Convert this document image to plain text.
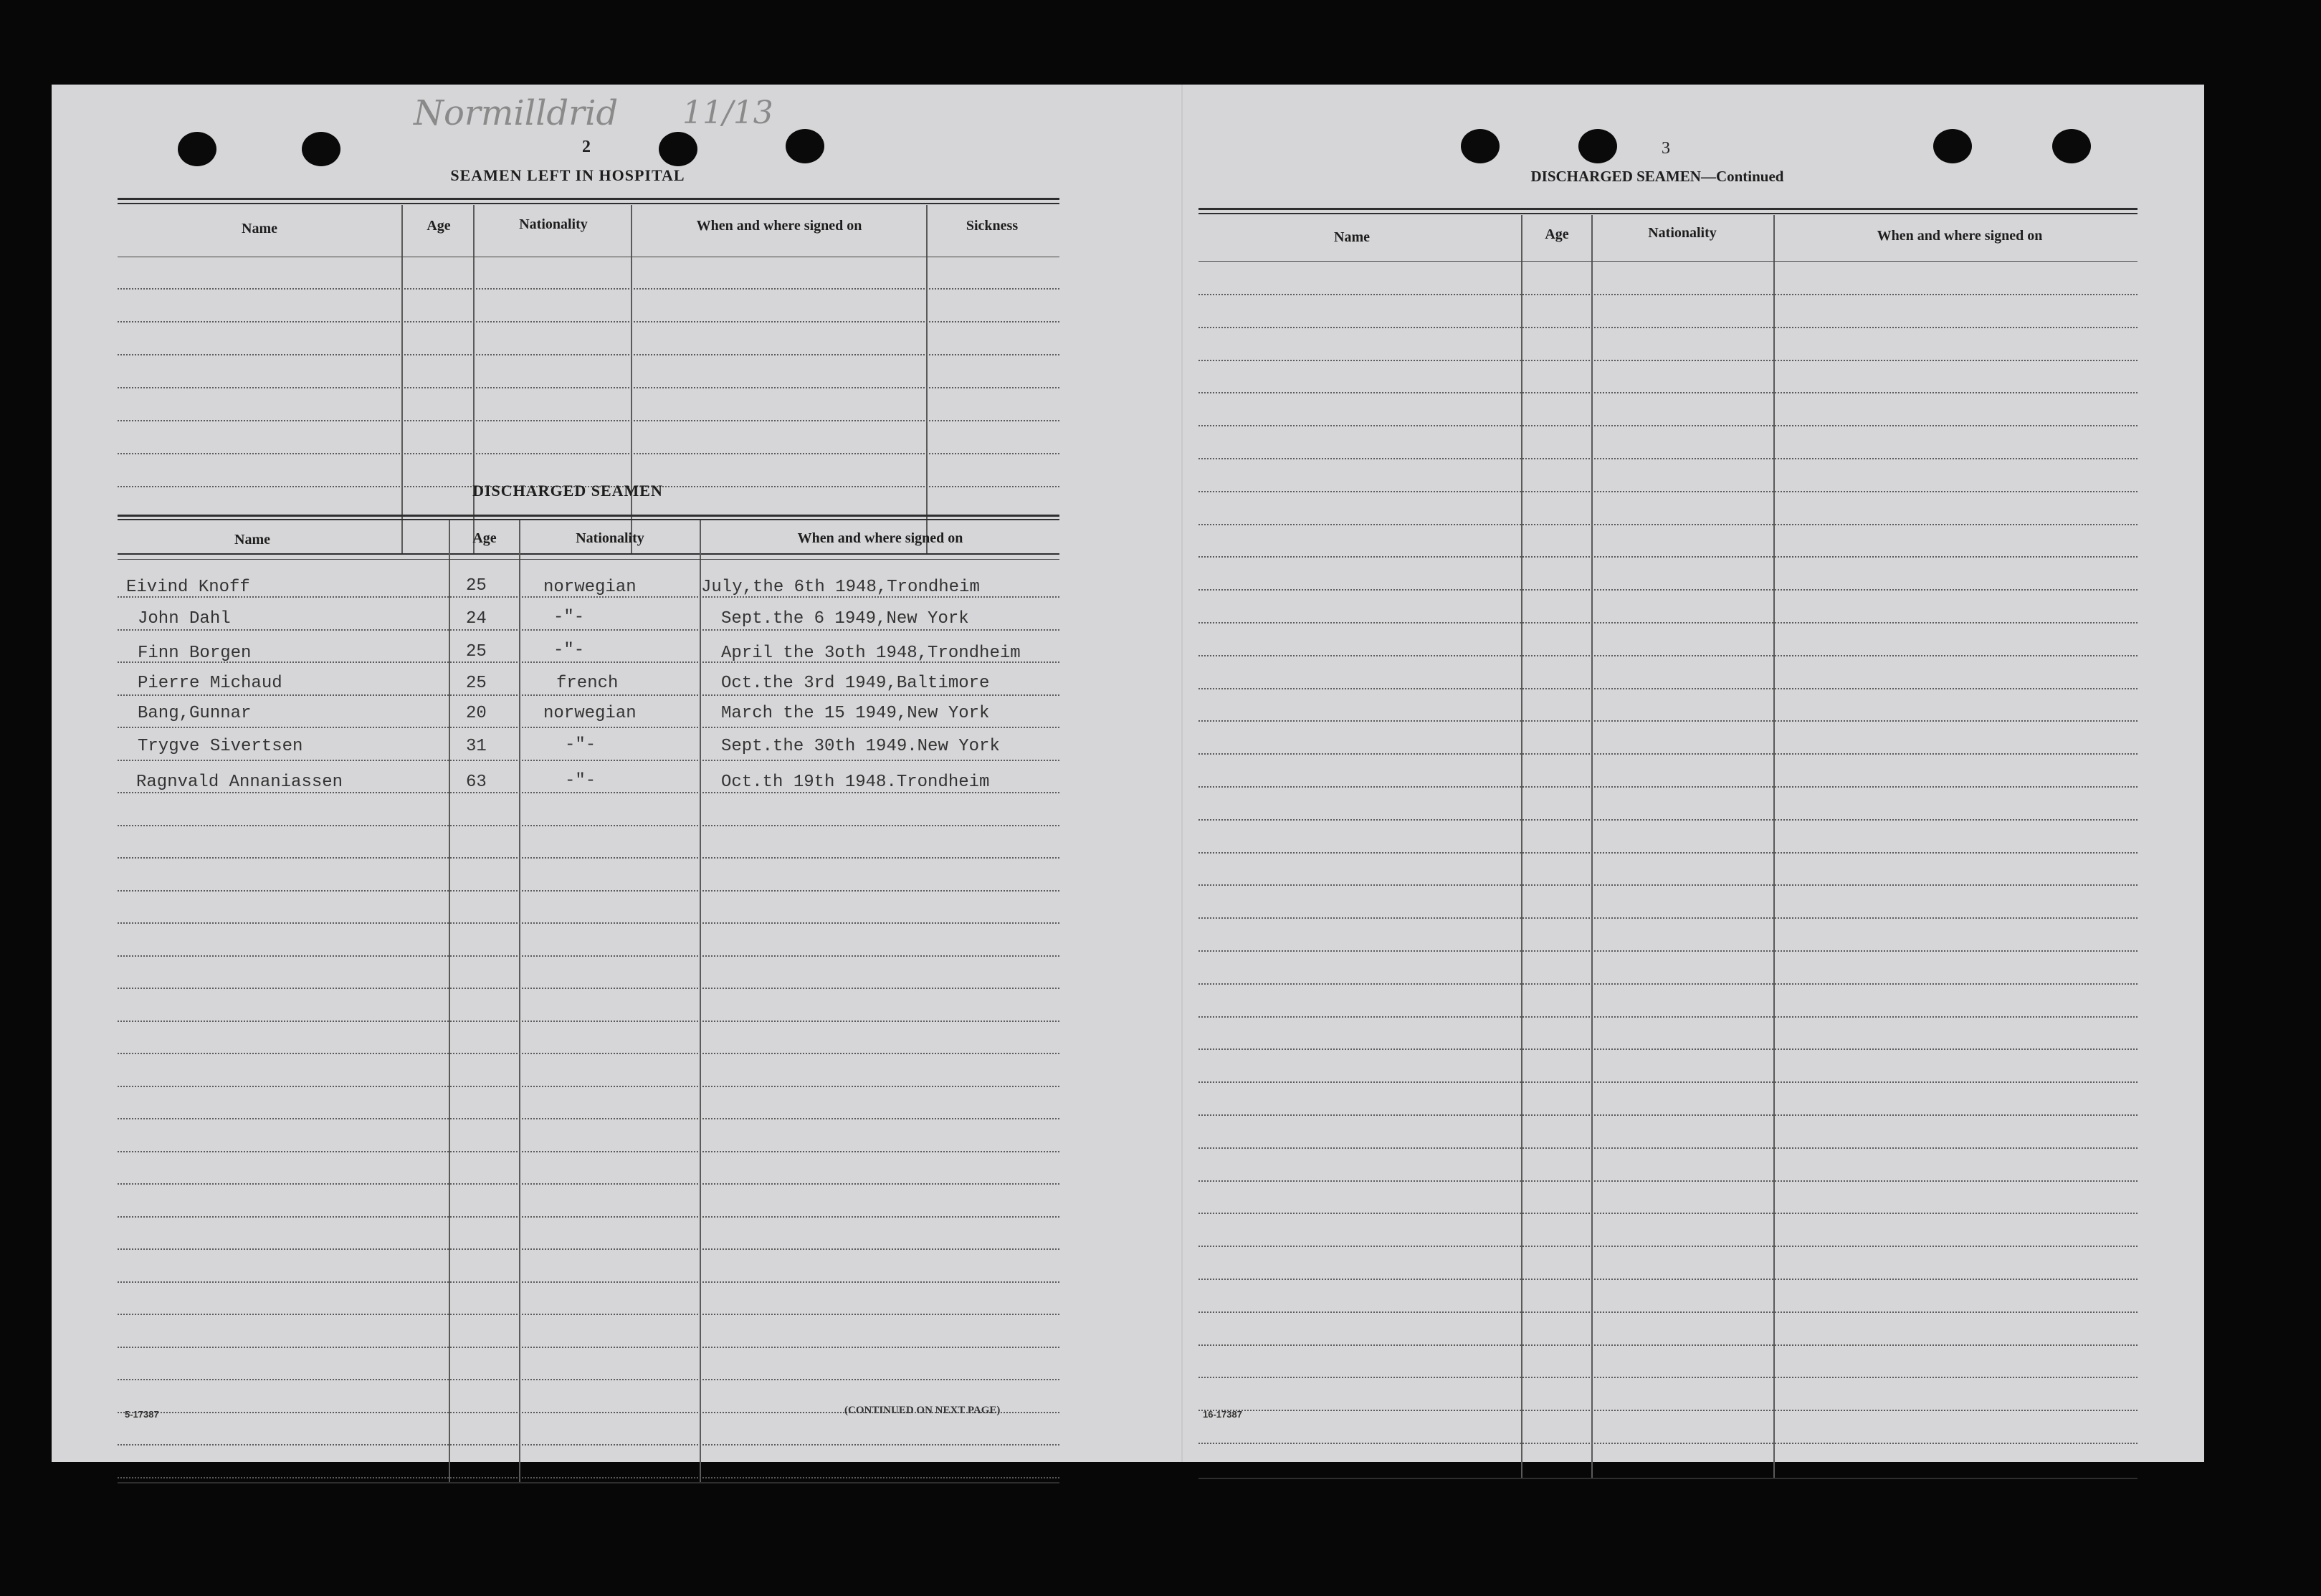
Normilldrid 11/13
2
SEAMEN LEFT IN HOSPITAL
Name	Age	Nationality	When and where signed on	Sickness
DISCHARGED SEAMEN
Name	Age	Nationality	When and where signed on
Eivind Knoff	25	norwegian	July,the 6th 1948,Trondheim
John Dahl	24	-"-	Sept.the 6 1949,New York
Finn Borgen	25	-"-	April the 3oth 1948,Trondheim
Pierre Michaud	25	french	Oct.the 3rd 1949,Baltimore
Bang,Gunnar	20	norwegian	March the 15 1949,New York
Trygve Sivertsen	31	-"-	Sept.the 30th 1949.New York
Ragnvald Annaniassen	63	-"-	Oct.th 19th 1948.Trondheim
5-17387	(CONTINUED ON NEXT PAGE)
3
DISCHARGED SEAMEN—Continued
Name	Age	Nationality	When and where signed on
16-17387
